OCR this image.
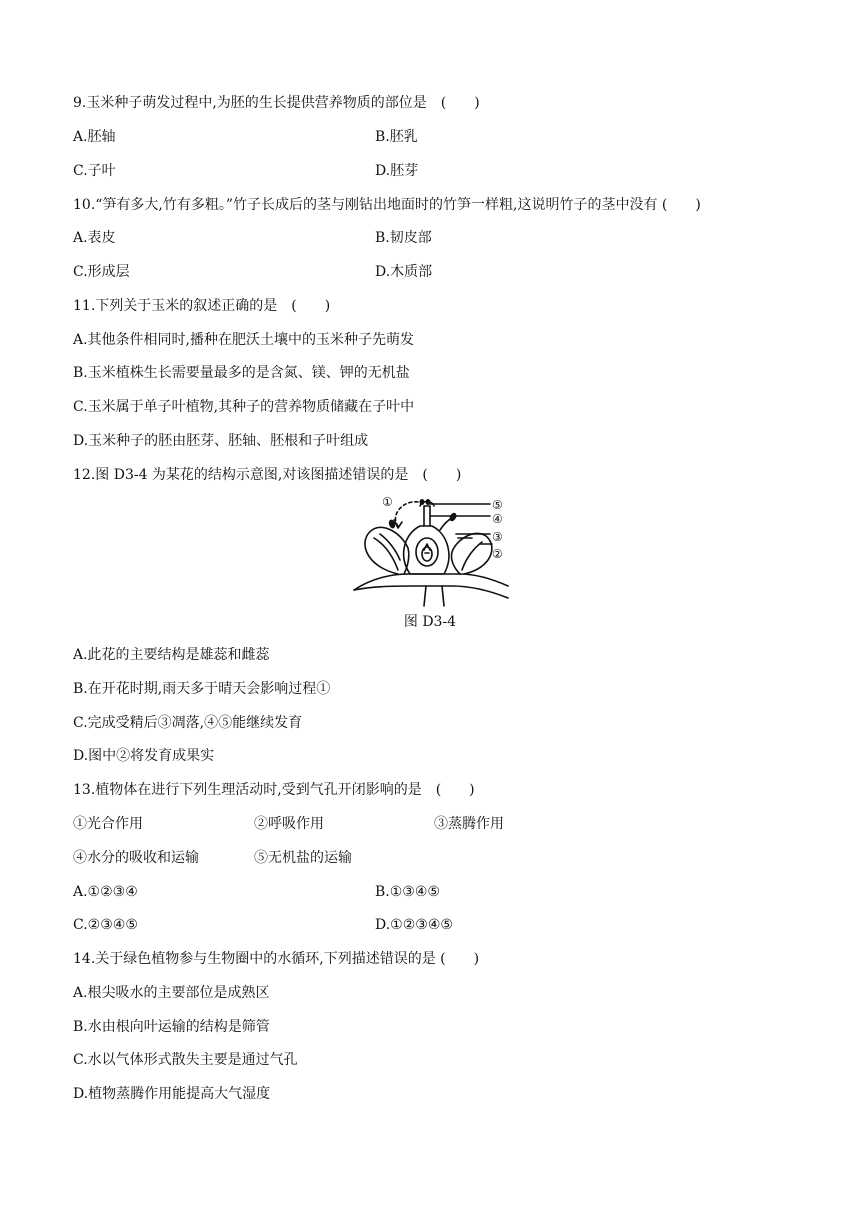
9.玉米种子萌发过程中,为胚的生长提供营养物质的部位是　(　　)
A.胚轴	B.胚乳
C.子叶	D.胚芽
10.“笋有多大,竹有多粗。”竹子长成后的茎与刚钻出地面时的竹笋一样粗,这说明竹子的茎中没有 (　　)
A.表皮	B.韧皮部
C.形成层	D.木质部
11.下列关于玉米的叙述正确的是　(　　)
A.其他条件相同时,播种在肥沃土壤中的玉米种子先萌发
B.玉米植株生长需要量最多的是含氮、镁、钾的无机盐
C.玉米属于单子叶植物,其种子的营养物质储藏在子叶中
D.玉米种子的胚由胚芽、胚轴、胚根和子叶组成
12.图 D3-4 为某花的结构示意图,对该图描述错误的是　(　　)
①	⑤
④
③
②
图 D3-4
A.此花的主要结构是雄蕊和雌蕊
B.在开花时期,雨天多于晴天会影响过程①
C.完成受精后③凋落,④⑤能继续发育
D.图中②将发育成果实
13.植物体在进行下列生理活动时,受到气孔开闭影响的是　(　　)
①光合作用	②呼吸作用	③蒸腾作用
④水分的吸收和运输	⑤无机盐的运输
A.①②③④	B.①③④⑤
C.②③④⑤	D.①②③④⑤
14.关于绿色植物参与生物圈中的水循环,下列描述错误的是 (　　)
A.根尖吸水的主要部位是成熟区
B.水由根向叶运输的结构是筛管
C.水以气体形式散失主要是通过气孔
D.植物蒸腾作用能提高大气湿度
